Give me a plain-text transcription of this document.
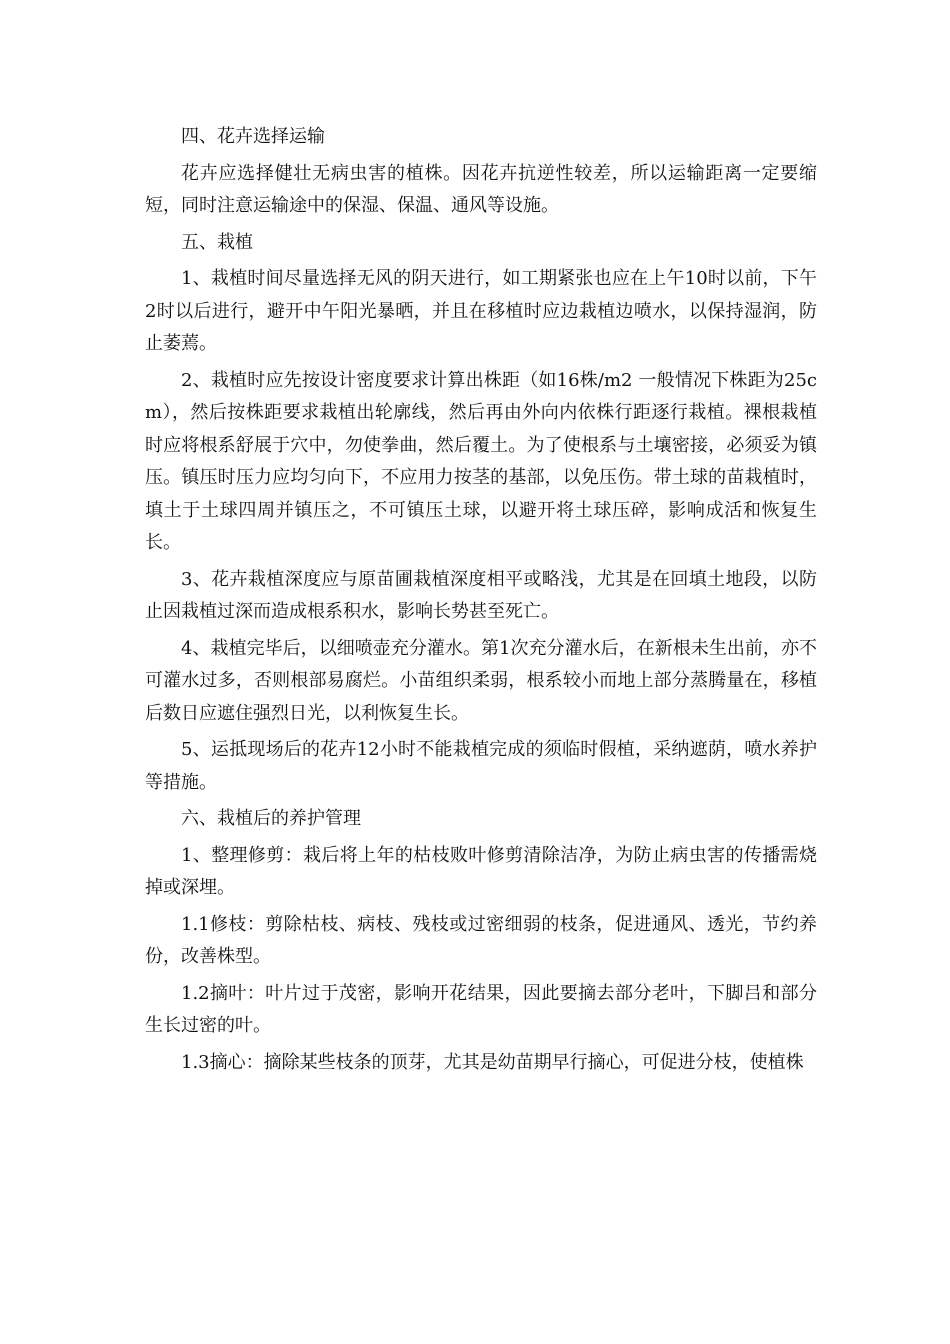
四、花卉选择运输

花卉应选择健壮无病虫害的植株。因花卉抗逆性较差，所以运输距离一定要缩短，同时注意运输途中的保湿、保温、通风等设施。

五、栽植

1、栽植时间尽量选择无风的阴天进行，如工期紧张也应在上午10时以前，下午2时以后进行，避开中午阳光暴晒，并且在移植时应边栽植边喷水，以保持湿润，防止萎蔫。

2、栽植时应先按设计密度要求计算出株距（如16株/m2 一般情况下株距为25cm），然后按株距要求栽植出轮廓线，然后再由外向内依株行距逐行栽植。裸根栽植时应将根系舒展于穴中，勿使拳曲，然后覆土。为了使根系与土壤密接，必须妥为镇压。镇压时压力应均匀向下，不应用力按茎的基部，以免压伤。带土球的苗栽植时，填土于土球四周并镇压之，不可镇压土球，以避开将土球压碎，影响成活和恢复生长。

3、花卉栽植深度应与原苗圃栽植深度相平或略浅，尤其是在回填土地段，以防止因栽植过深而造成根系积水，影响长势甚至死亡。

4、栽植完毕后，以细喷壶充分灌水。第1次充分灌水后，在新根未生出前，亦不可灌水过多，否则根部易腐烂。小苗组织柔弱，根系较小而地上部分蒸腾量在，移植后数日应遮住强烈日光，以利恢复生长。

5、运抵现场后的花卉12小时不能栽植完成的须临时假植，采纳遮荫，喷水养护等措施。

六、栽植后的养护管理

1、整理修剪：栽后将上年的枯枝败叶修剪清除洁净，为防止病虫害的传播需烧掉或深埋。

1.1修枝：剪除枯枝、病枝、残枝或过密细弱的枝条，促进通风、透光，节约养份，改善株型。

1.2摘叶：叶片过于茂密，影响开花结果，因此要摘去部分老叶，下脚吕和部分生长过密的叶。

1.3摘心：摘除某些枝条的顶芽，尤其是幼苗期早行摘心，可促进分枝，使植株
